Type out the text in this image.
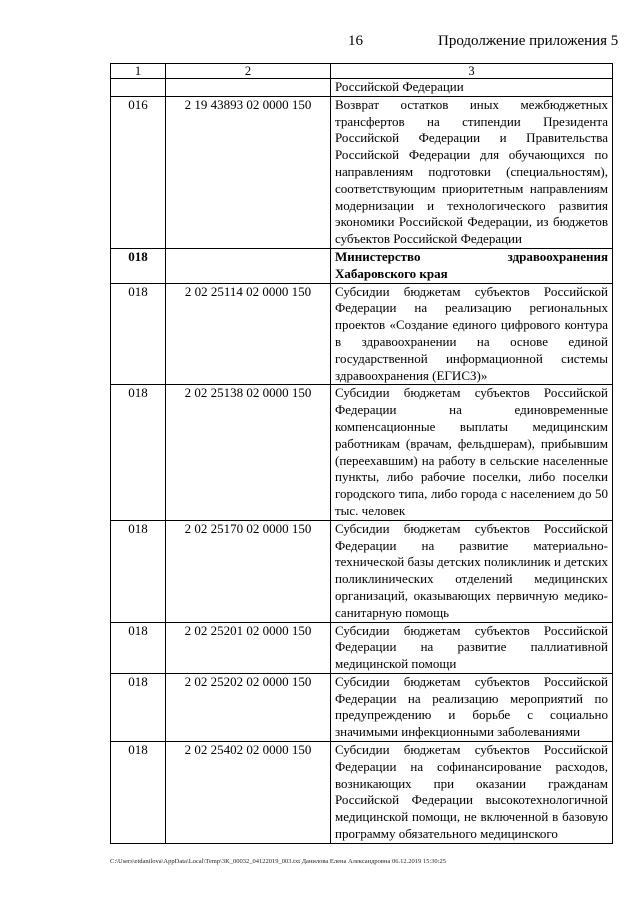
16	Продолжение приложения 5
1	2	3
		Российской Федерации
016	2 19 43893 02 0000 150	Возврат остатков иных межбюджетных трансфертов на стипендии Президента Российской Федерации и Правительства Российской Федерации для обучающихся по направлениям подготовки (специальностям), соответствующим приоритетным направлениям модернизации и технологического развития экономики Российской Федерации, из бюджетов субъектов Российской Федерации
018		Министерство здравоохранения Хабаровского края
018	2 02 25114 02 0000 150	Субсидии бюджетам субъектов Российской Федерации на реализацию региональных проектов «Создание единого цифрового контура в здравоохранении на основе единой государственной информационной системы здравоохранения (ЕГИСЗ)»
018	2 02 25138 02 0000 150	Субсидии бюджетам субъектов Российской Федерации на единовременные компенсационные выплаты медицинским работникам (врачам, фельдшерам), прибывшим (переехавшим) на работу в сельские населенные пункты, либо рабочие поселки, либо поселки городского типа, либо города с населением до 50 тыс. человек
018	2 02 25170 02 0000 150	Субсидии бюджетам субъектов Российской Федерации на развитие материально-технической базы детских поликлиник и детских поликлинических отделений медицинских организаций, оказывающих первичную медико-санитарную помощь
018	2 02 25201 02 0000 150	Субсидии бюджетам субъектов Российской Федерации на развитие паллиативной медицинской помощи
018	2 02 25202 02 0000 150	Субсидии бюджетам субъектов Российской Федерации на реализацию мероприятий по предупреждению и борьбе с социально значимыми инфекционными заболеваниями
018	2 02 25402 02 0000 150	Субсидии бюджетам субъектов Российской Федерации на софинансирование расходов, возникающих при оказании гражданам Российской Федерации высокотехнологичной медицинской помощи, не включенной в базовую программу обязательного медицинского
C:\Users\etdanilova\AppData\Local\Temp\3K_00032_04122019_003.txt Данилова Елена Александровна 06.12.2019 15:30:25
